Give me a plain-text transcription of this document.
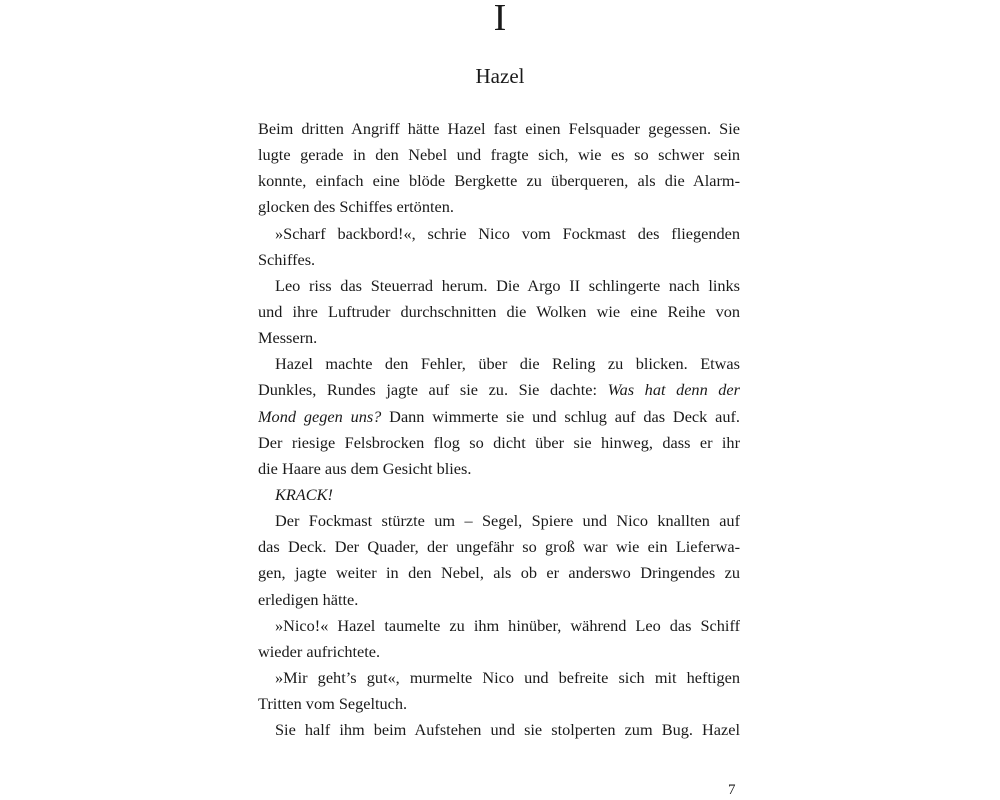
I
Hazel
Beim dritten Angriff hätte Hazel fast einen Felsquader gegessen. Sie
lugte gerade in den Nebel und fragte sich, wie es so schwer sein
konnte, einfach eine blöde Bergkette zu überqueren, als die Alarm-
glocken des Schiffes ertönten.
»Scharf backbord!«, schrie Nico vom Fockmast des fliegenden
Schiffes.
Leo riss das Steuerrad herum. Die Argo II schlingerte nach links
und ihre Luftruder durchschnitten die Wolken wie eine Reihe von
Messern.
Hazel machte den Fehler, über die Reling zu blicken. Etwas
Dunkles, Rundes jagte auf sie zu. Sie dachte: Was hat denn der
Mond gegen uns? Dann wimmerte sie und schlug auf das Deck auf.
Der riesige Felsbrocken flog so dicht über sie hinweg, dass er ihr
die Haare aus dem Gesicht blies.
KRACK!
Der Fockmast stürzte um – Segel, Spiere und Nico knallten auf
das Deck. Der Quader, der ungefähr so groß war wie ein Lieferwa-
gen, jagte weiter in den Nebel, als ob er anderswo Dringendes zu
erledigen hätte.
»Nico!« Hazel taumelte zu ihm hinüber, während Leo das Schiff
wieder aufrichtete.
»Mir geht’s gut«, murmelte Nico und befreite sich mit heftigen
Tritten vom Segeltuch.
Sie half ihm beim Aufstehen und sie stolperten zum Bug. Hazel
7
